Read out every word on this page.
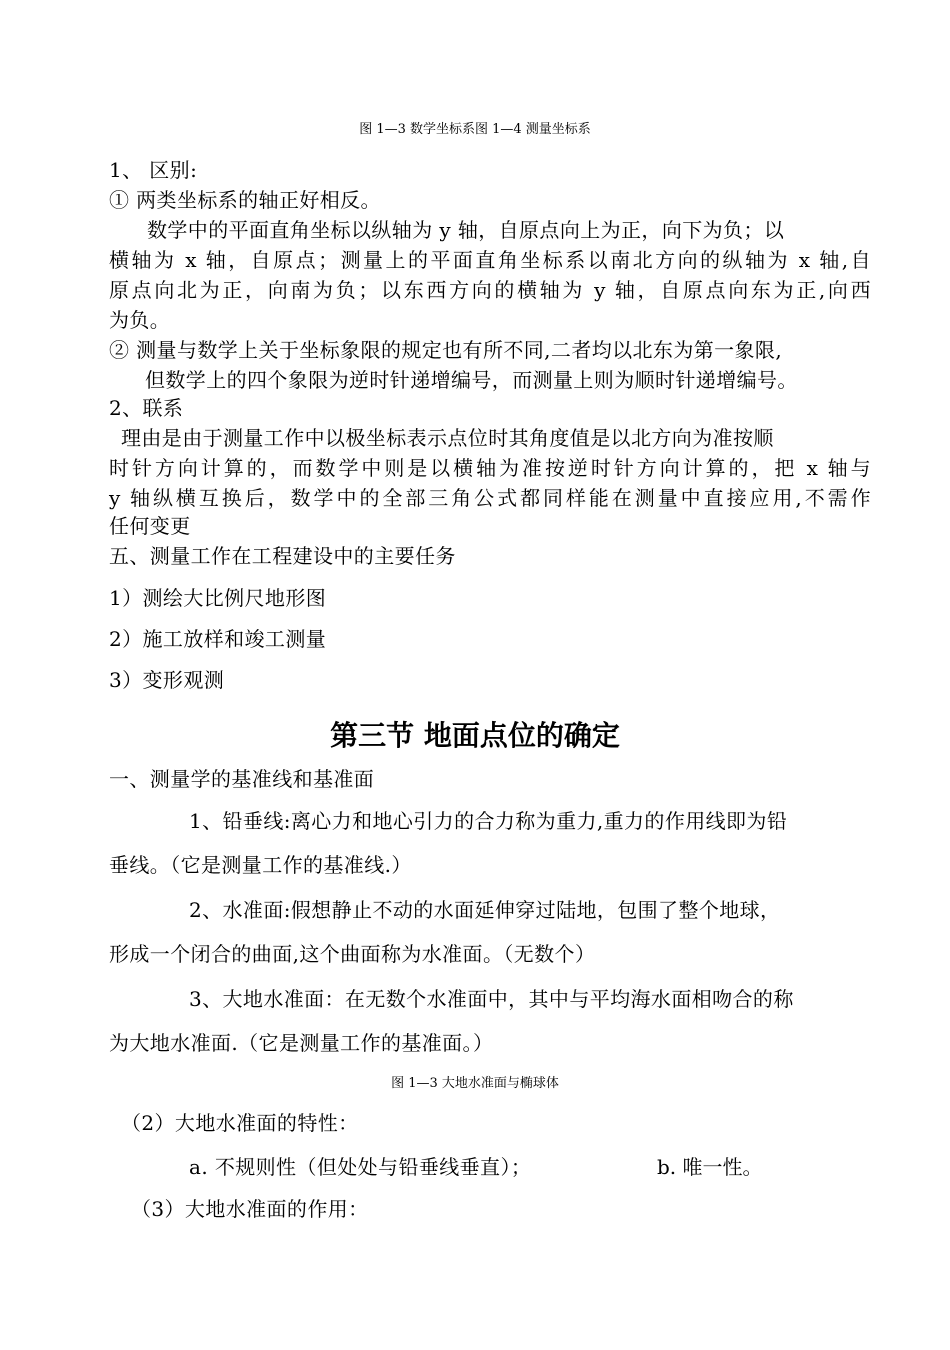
图 1—3 数学坐标系图 1—4 测量坐标系
1、 区别:
① 两类坐标系的轴正好相反。
数学中的平面直角坐标以纵轴为 y 轴，自原点向上为正，向下为负；以
横轴为 x 轴，自原点；测量上的平面直角坐标系以南北方向的纵轴为 x 轴,自
原点向北为正，向南为负；以东西方向的横轴为 y 轴，自原点向东为正,向西
为负。
② 测量与数学上关于坐标象限的规定也有所不同,二者均以北东为第一象限,
但数学上的四个象限为逆时针递增编号，而测量上则为顺时针递增编号。
2、联系
理由是由于测量工作中以极坐标表示点位时其角度值是以北方向为准按顺
时针方向计算的，而数学中则是以横轴为准按逆时针方向计算的，把 x 轴与
y 轴纵横互换后，数学中的全部三角公式都同样能在测量中直接应用,不需作
任何变更
五、测量工作在工程建设中的主要任务
1）测绘大比例尺地形图
2）施工放样和竣工测量
3）变形观测
第三节 地面点位的确定
一、测量学的基准线和基准面
1、铅垂线:离心力和地心引力的合力称为重力,重力的作用线即为铅
垂线。（它是测量工作的基准线.）
2、水准面:假想静止不动的水面延伸穿过陆地，包围了整个地球，
形成一个闭合的曲面,这个曲面称为水准面。（无数个）
3、大地水准面：在无数个水准面中，其中与平均海水面相吻合的称
为大地水准面.（它是测量工作的基准面。）
图 1—3 大地水准面与椭球体
（2）大地水准面的特性：
a. 不规则性（但处处与铅垂线垂直）；	b. 唯一性。
（3）大地水准面的作用：
